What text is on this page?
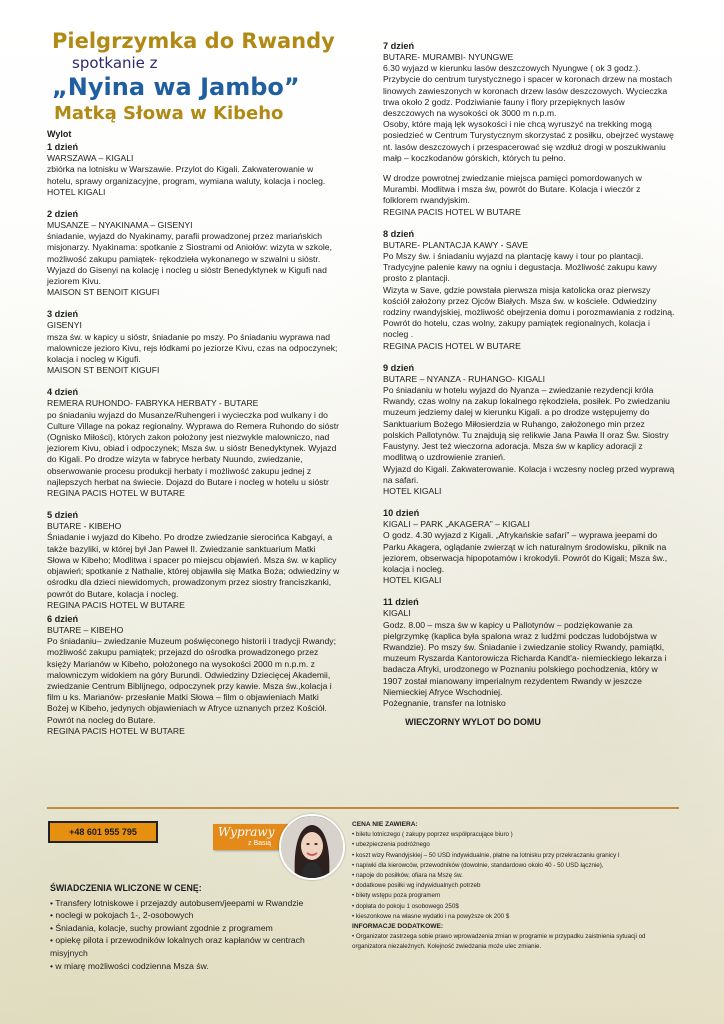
Pielgrzymka do Rwandy
spotkanie z
„Nyina wa Jambo”
Matką Słowa w Kibeho
Wylot
1 dzień

WARSZAWA – KIGALI

zbiórka na lotnisku w Warszawie. Przylot do Kigali. Zakwaterowanie w hotelu, sprawy organizacyjne, program, wymiana waluty, kolacja i nocleg.

HOTEL KIGALI

2 dzień

MUSANZE – NYAKINAMA – GISENYI

śniadanie, wyjazd do Nyakinamy, parafii prowadzonej przez mariańskich misjonarzy. Nyakinama: spotkanie z Siostrami od Aniołów: wizyta w szkole, możliwość zakupu pamiątek- rękodzieła wykonanego w szwalni u sióstr. Wyjazd do Gisenyi na kolację i nocleg u sióstr Benedyktynek w Kigufi nad jeziorem Kivu.

MAISON ST BENOIT KIGUFI

3 dzień

GISENYI

msza św. w kapicy u sióstr, śniadanie po mszy. Po śniadaniu wyprawa nad malownicze jezioro Kivu, rejs łódkami po jeziorze Kivu, czas na odpoczynek; kolacja i nocleg w Kigufi.

MAISON ST BENOIT KIGUFI

4 dzień

REMERA RUHONDO- FABRYKA HERBATY - BUTARE

po śniadaniu wyjazd do Musanze/Ruhengeri i wycieczka pod wulkany i do Culture Village na pokaz regionalny. Wyprawa do Remera Ruhondo do sióstr (Ognisko Miłości), których zakon położony jest niezwykle malowniczo, nad jeziorem Kivu, obiad i odpoczynek; Msza św. u sióstr Benedyktynek. Wyjazd do Kigali. Po drodze wizyta w fabryce herbaty Nuundo, zwiedzanie, obserwowanie procesu produkcji herbaty i możliwość zakupu jednej z najlepszych herbat na świecie. Dojazd do Butare i nocleg w hotelu u sióstr

REGINA PACIS HOTEL W BUTARE

5 dzień

BUTARE - KIBEHO

Śniadanie i wyjazd do Kibeho. Po drodze zwiedzanie sierocińca Kabgayi, a także bazyliki, w której był Jan Paweł II. Zwiedzanie sanktuarium Matki Słowa w Kibeho; Modlitwa i spacer po miejscu objawień. Msza św. w kaplicy objawień; spotkanie z Nathalie, której objawiła się Matka Boża; odwiedziny w ośrodku dla dzieci niewidomych, prowadzonym przez siostry franciszkanki, powrót do Butare, kolacja i nocleg.

REGINA PACIS HOTEL W BUTARE

6 dzień

BUTARE – KIBEHO

Po śniadaniu– zwiedzanie Muzeum poświęconego historii i tradycji Rwandy; możliwość zakupu pamiątek; przejazd do ośrodka prowadzonego przez księży Marianów w Kibeho, położonego na wysokości 2000 m n.p.m. z malowniczym widokiem na góry Burundi. Odwiedziny Dziecięcej Akademii, zwiedzanie Centrum Biblijnego, odpoczynek przy kawie. Msza św.,kolacja i film u ks. Marianów- przesłanie Matki Słowa – film o objawieniach Matki Bożej w Kibeho, jedynych objawieniach w Afryce uznanych przez Kościół. Powrót na nocleg do Butare.

REGINA PACIS HOTEL W BUTARE

7 dzień

BUTARE- MURAMBI- NYUNGWE

6.30 wyjazd w kierunku lasów deszczowych Nyungwe ( ok 3 godz.). Przybycie do centrum turystycznego i spacer w koronach drzew na mostach linowych zawieszonych w koronach drzew lasów deszczowych. Wycieczka trwa około 2 godz. Podziwianie fauny i flory przepięknych lasów deszczowych na wysokości ok 3000 m n.p.m.

Osoby, które mają lęk wysokości i nie chcą wyruszyć na trekking mogą posiedzieć w Centrum Turystycznym skorzystać z posiłku, obejrzeć wystawę nt. lasów deszczowych i przespacerować się wzdłuż drogi w poszukiwaniu małp – koczkodanów górskich, których tu pełno.

W drodze powrotnej zwiedzanie miejsca pamięci pomordowanych w Murambi. Modlitwa i msza św, powrót do Butare. Kolacja i wieczór z folklorem rwandyjskim.

REGINA PACIS HOTEL W BUTARE

8 dzień

BUTARE- PLANTACJA KAWY - SAVE

Po Mszy św. i śniadaniu wyjazd na plantację kawy i tour po plantacji. Tradycyjne palenie kawy na ogniu i degustacja. Możliwość zakupu kawy prosto z plantacji.

Wizyta w Save, gdzie powstała pierwsza misja katolicka oraz pierwszy kościół założony przez Ojców Białych. Msza św. w kościele. Odwiedziny rodziny rwandyjskiej, możliwość obejrzenia domu i porozmawiania z rodziną. Powrót do hotelu, czas wolny, zakupy pamiątek regionalnych, kolacja i nocleg .

REGINA PACIS HOTEL W BUTARE

9 dzień

BUTARE – NYANZA - RUHANGO- KIGALI

Po śniadaniu w hotelu wyjazd do Nyanza – zwiedzanie rezydencji króla Rwandy, czas wolny na zakup lokalnego rękodzieła, posiłek. Po zwiedzaniu muzeum jedziemy dalej w kierunku Kigali. a po drodze wstępujemy do Sanktuarium Bożego Miłosierdzia w Ruhango, założonego min przez polskich Pallotynów. Tu znajdują się relikwie Jana Pawła II oraz Św. Siostry Faustyny. Jest też wieczorna adoracja. Msza św w kaplicy adoracji z modlitwą o uzdrowienie zranień.

Wyjazd do Kigali. Zakwaterowanie. Kolacja i wczesny nocleg przed wyprawą na safari.

HOTEL KIGALI

10 dzień

KIGALI – PARK „AKAGERA” – KIGALI

O godz. 4.30 wyjazd z Kigali. „Afrykańskie safari” – wyprawa jeepami do Parku Akagera, oglądanie zwierząt w ich naturalnym środowisku, piknik na jeziorem, obserwacja hipopotamów i krokodyli. Powrót do Kigali; Msza św., kolacja i nocleg.

HOTEL KIGALI

11 dzień

KIGALI

Godz. 8.00 – msza św w kapicy u Pallotynów – podziękowanie za pielgrzymkę (kaplica była spalona wraz z ludźmi podczas ludobójstwa w Rwandzie). Po mszy św. Śniadanie i zwiedzanie stolicy Rwandy, pamiątki, muzeum Ryszarda Kantorowicza Richarda Kandt'a- niemieckiego lekarza i badacza Afryki, urodzonego w Poznaniu polskiego pochodzenia, który w 1907 został mianowany imperialnym rezydentem Rwandy w jeszcze Niemieckiej Afryce Wschodniej.

Pożegnanie, transfer na lotnisko

WIECZORNY WYLOT DO DOMU
+48 601 955 795	Wyprawy
z Basią
ŚWIADCZENIA WLICZONE W CENĘ:
• Transfery lotniskowe i przejazdy autobusem/jeepami w Rwandzie
• noclegi w pokojach 1-, 2-osobowych
• Śniadania, kolacje, suchy prowiant zgodnie z programem
• opiekę pilota i przewodników lokalnych oraz kapłanów w centrach misyjnych
• w miarę możliwości codzienna Msza św.
CENA NIE ZAWIERA:
• biletu lotniczego ( zakupy poprzez współpracujące biuro )
• ubezpieczenia podróżnego
• koszt wizy Rwandyjskiej – 50 USD indywidualnie, płatne na lotnisku przy przekraczaniu granicy l
• napiwki dla kierowców, przewodników (dowolnie, standardowo około 40 - 50 USD łącznie),
• napoje do posiłków, ofiara na Mszę św.
• dodatkowe posiłki wg indywidualnych potrzeb
• bilety wstępu poza programem
• dopłata do pokoju 1 osobowego 250$
• kieszonkowe na własne wydatki i na powyższe ok 200 $
INFORMACJE DODATKOWE:
• Organizator zastrzega sobie prawo wprowadzenia zmian w programie w przypadku zaistnienia sytuacji od organizatora niezależnych. Kolejność zwiedzania może ulec zmianie.
